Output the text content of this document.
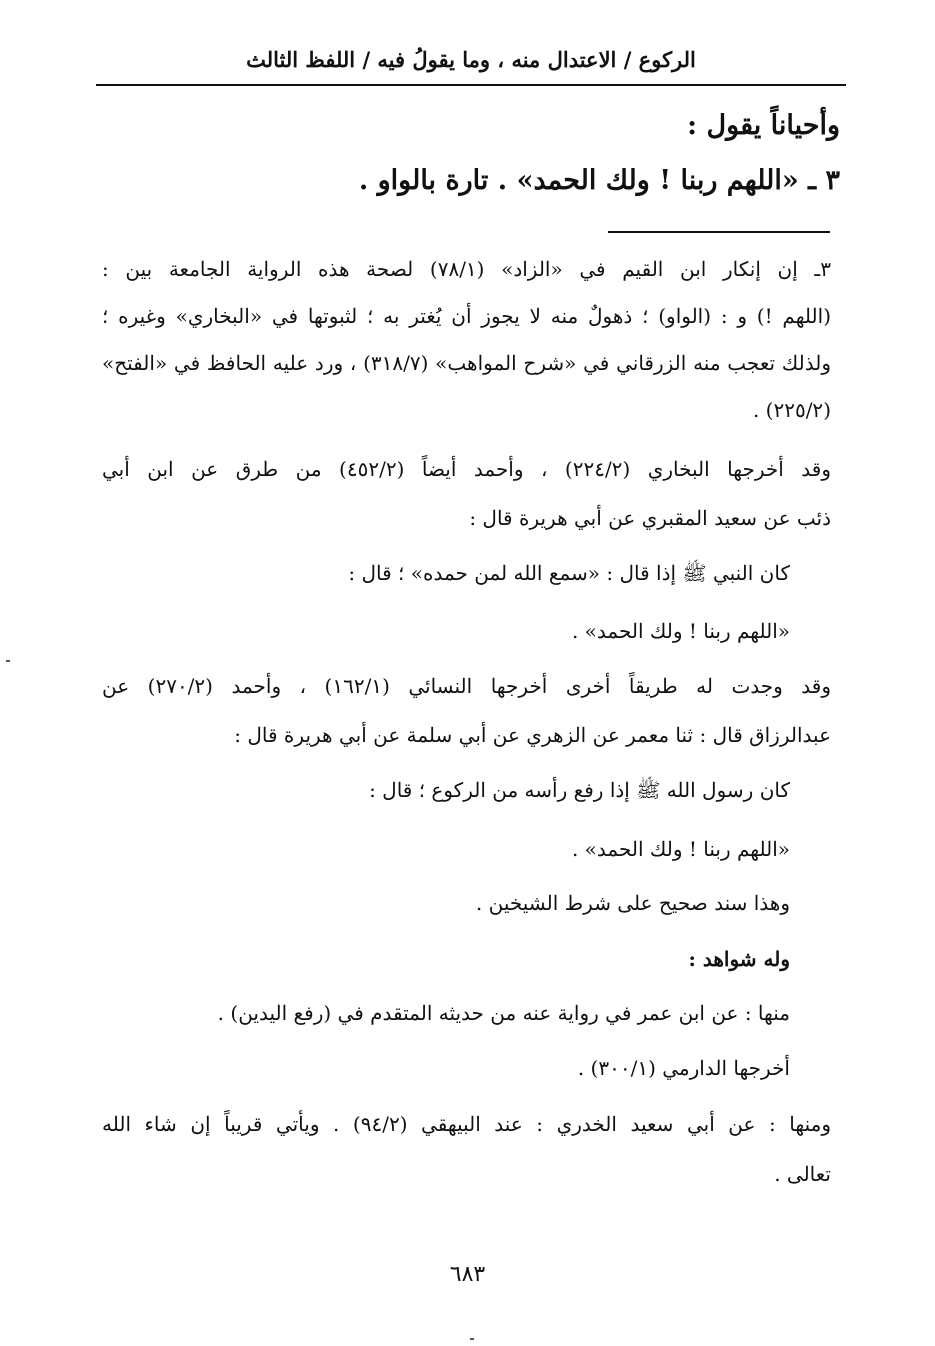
الركوع / الاعتدال منه ، وما يقولُ فيه / اللفظ الثالث
وأحياناً يقول :
٣ ـ «اللهم ربنا ! ولك الحمد» . تارة بالواو .
٣ـ إن إنكار ابن القيم في «الزاد» (٧٨/١) لصحة هذه الرواية الجامعة بين :
(اللهم !) و : (الواو) ؛ ذهولٌ منه لا يجوز أن يُغتر به ؛ لثبوتها في «البخاري» وغيره ؛
ولذلك تعجب منه الزرقاني في «شرح المواهب» (٣١٨/٧) ، ورد عليه الحافظ في «الفتح»
(٢٢٥/٢) .
وقد أخرجها البخاري (٢٢٤/٢) ، وأحمد أيضاً (٤٥٢/٢) من طرق عن ابن أبي
ذئب عن سعيد المقبري عن أبي هريرة قال :
كان النبي ﷺ إذا قال : «سمع الله لمن حمده» ؛ قال :
«اللهم ربنا ! ولك الحمد» .
وقد وجدت له طريقاً أخرى أخرجها النسائي (١٦٢/١) ، وأحمد (٢٧٠/٢) عن
عبدالرزاق قال : ثنا معمر عن الزهري عن أبي سلمة عن أبي هريرة قال :
كان رسول الله ﷺ إذا رفع رأسه من الركوع ؛ قال :
«اللهم ربنا ! ولك الحمد» .
وهذا سند صحيح على شرط الشيخين .
وله شواهد :
منها : عن ابن عمر في رواية عنه من حديثه المتقدم في (رفع اليدين) .
أخرجها الدارمي (٣٠٠/١) .
ومنها : عن أبي سعيد الخدري : عند البيهقي (٩٤/٢) . ويأتي قريباً إن شاء الله
تعالى .
٦٨٣
